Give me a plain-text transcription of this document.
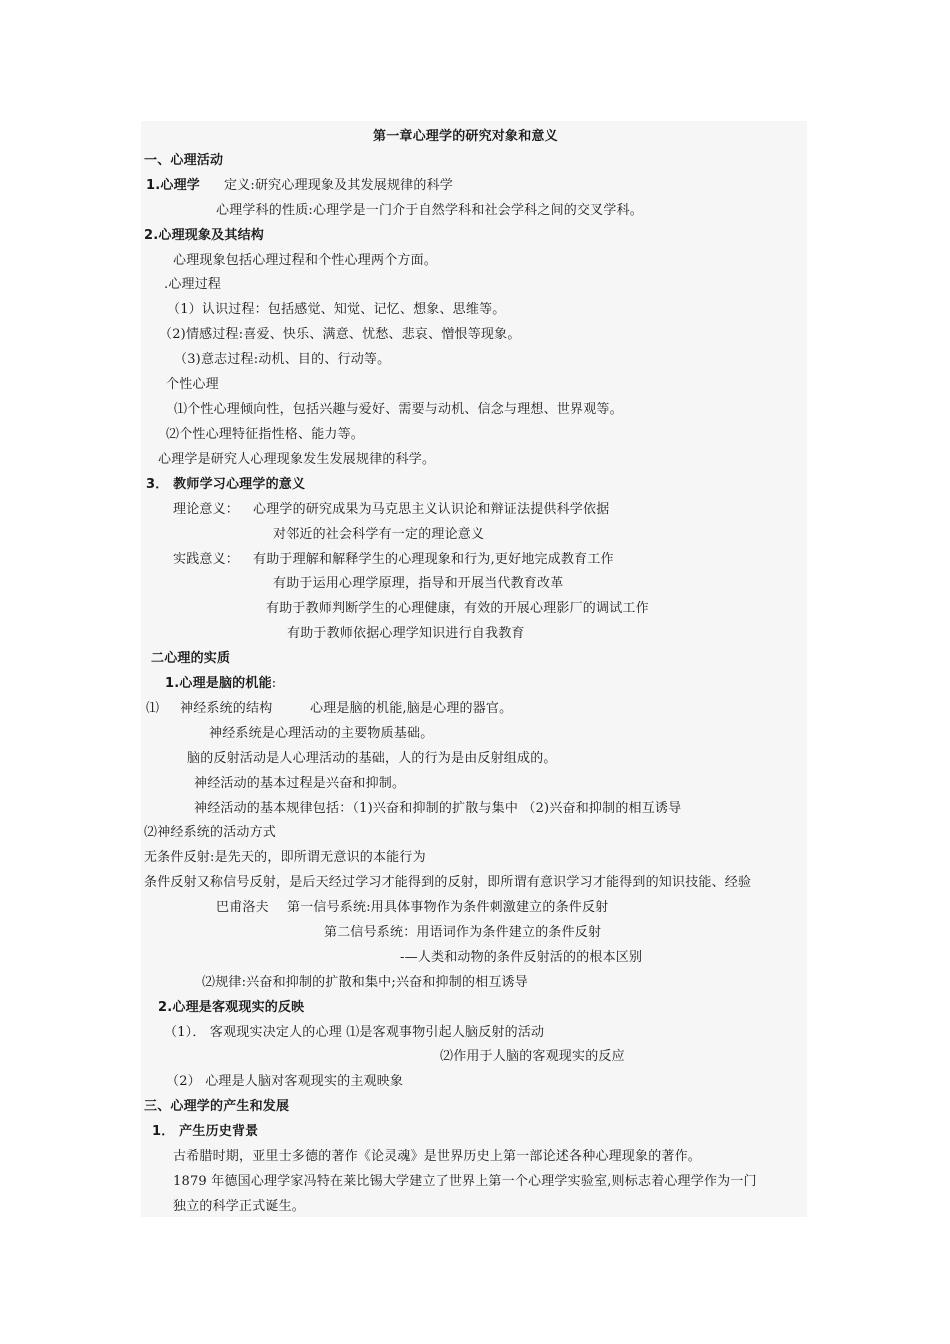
第一章心理学的研究对象和意义
一、心理活动
1.心理学 定义:研究心理现象及其发展规律的科学
心理学科的性质:心理学是一门介于自然学科和社会学科之间的交叉学科。
2.心理现象及其结构
心理现象包括心理过程和个性心理两个方面。
.心理过程
（1）认识过程：包括感觉、知觉、记忆、想象、思维等。
（2)情感过程:喜爱、快乐、满意、忧愁、悲哀、憎恨等现象。
（3)意志过程:动机、目的、行动等。
个性心理
⑴个性心理倾向性，包括兴趣与爱好、需要与动机、信念与理想、世界观等。
⑵个性心理特征指性格、能力等。
心理学是研究人心理现象发生发展规律的科学。
3． 教师学习心理学的意义
理论意义： 心理学的研究成果为马克思主义认识论和辩证法提供科学依据
对邻近的社会科学有一定的理论意义
实践意义： 有助于理解和解释学生的心理现象和行为,更好地完成教育工作
有助于运用心理学原理，指导和开展当代教育改革
有助于教师判断学生的心理健康，有效的开展心理影厂的调试工作
有助于教师依据心理学知识进行自我教育
二心理的实质
1.心理是脑的机能:
⑴ 神经系统的结构	心理是脑的机能,脑是心理的器官。
神经系统是心理活动的主要物质基础。
脑的反射活动是人心理活动的基础，人的行为是由反射组成的。
神经活动的基本过程是兴奋和抑制。
神经活动的基本规律包括：（1)兴奋和抑制的扩散与集中 （2)兴奋和抑制的相互诱导
⑵神经系统的活动方式
无条件反射:是先天的，即所谓无意识的本能行为
条件反射又称信号反射，是后天经过学习才能得到的反射，即所谓有意识学习才能得到的知识技能、经验
巴甫洛夫 第一信号系统:用具体事物作为条件刺激建立的条件反射
第二信号系统：用语词作为条件建立的条件反射
-—人类和动物的条件反射活的的根本区别
⑵规律:兴奋和抑制的扩散和集中;兴奋和抑制的相互诱导
2.心理是客观现实的反映
（1）． 客观现实决定人的心理 ⑴是客观事物引起人脑反射的活动
⑵作用于人脑的客观现实的反应
（2） 心理是人脑对客观现实的主观映象
三、心理学的产生和发展
1． 产生历史背景
古希腊时期，亚里士多德的著作《论灵魂》是世界历史上第一部论述各种心理现象的著作。
1879 年德国心理学家冯特在莱比锡大学建立了世界上第一个心理学实验室,则标志着心理学作为一门
独立的科学正式诞生。
